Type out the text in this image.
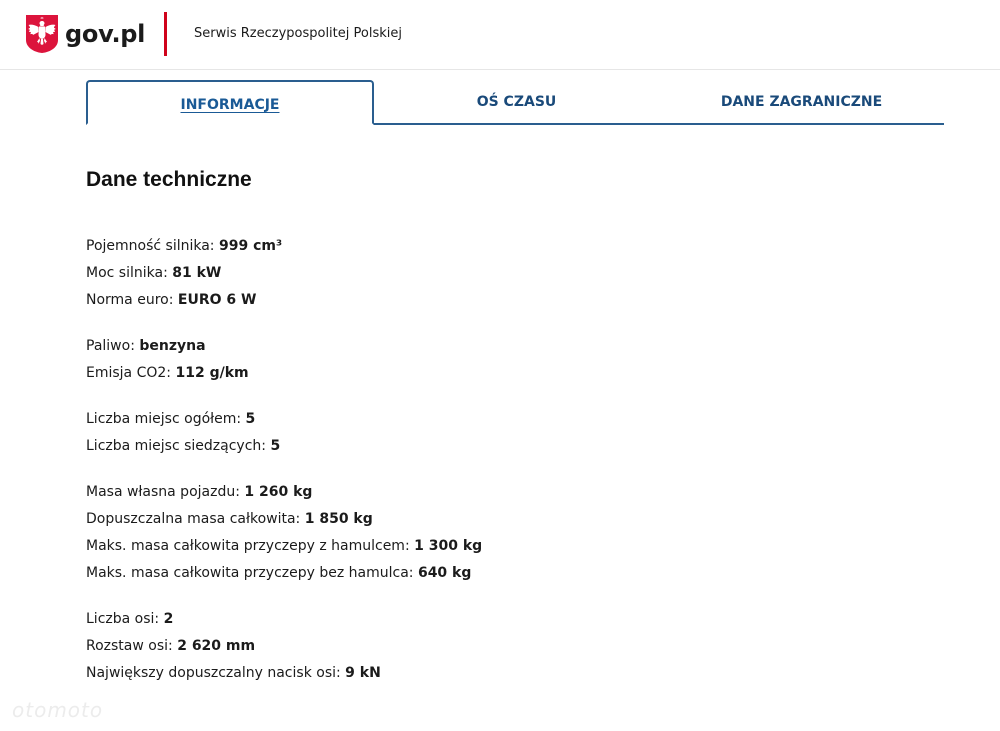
gov.pl	Serwis Rzeczypospolitej Polskiej
INFORMACJE	OŚ CZASU	DANE ZAGRANICZNE
Dane techniczne
Pojemność silnika: 999 cm³
Moc silnika: 81 kW
Norma euro: EURO 6 W
Paliwo: benzyna
Emisja CO2: 112 g/km
Liczba miejsc ogółem: 5
Liczba miejsc siedzących: 5
Masa własna pojazdu: 1 260 kg
Dopuszczalna masa całkowita: 1 850 kg
Maks. masa całkowita przyczepy z hamulcem: 1 300 kg
Maks. masa całkowita przyczepy bez hamulca: 640 kg
Liczba osi: 2
Rozstaw osi: 2 620 mm
Największy dopuszczalny nacisk osi: 9 kN
otomoto
